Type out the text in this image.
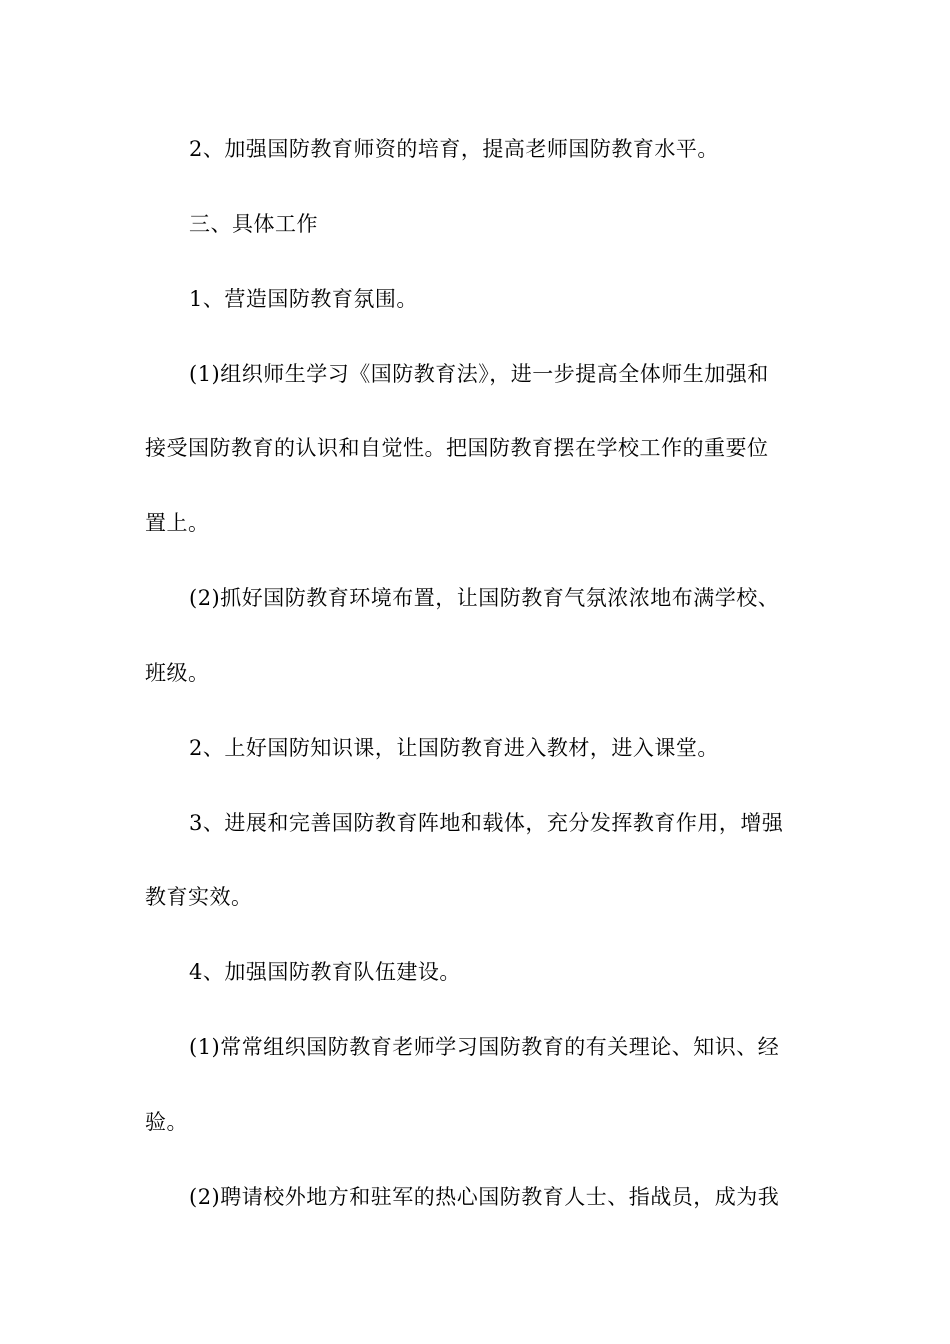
2、加强国防教育师资的培育，提高老师国防教育水平。
三、具体工作
1、营造国防教育氛围。
(1)组织师生学习《国防教育法》，进一步提高全体师生加强和
接受国防教育的认识和自觉性。把国防教育摆在学校工作的重要位
置上。
(2)抓好国防教育环境布置，让国防教育气氛浓浓地布满学校、
班级。
2、上好国防知识课，让国防教育进入教材，进入课堂。
3、进展和完善国防教育阵地和载体，充分发挥教育作用，增强
教育实效。
4、加强国防教育队伍建设。
(1)常常组织国防教育老师学习国防教育的有关理论、知识、经
验。
(2)聘请校外地方和驻军的热心国防教育人士、指战员，成为我
